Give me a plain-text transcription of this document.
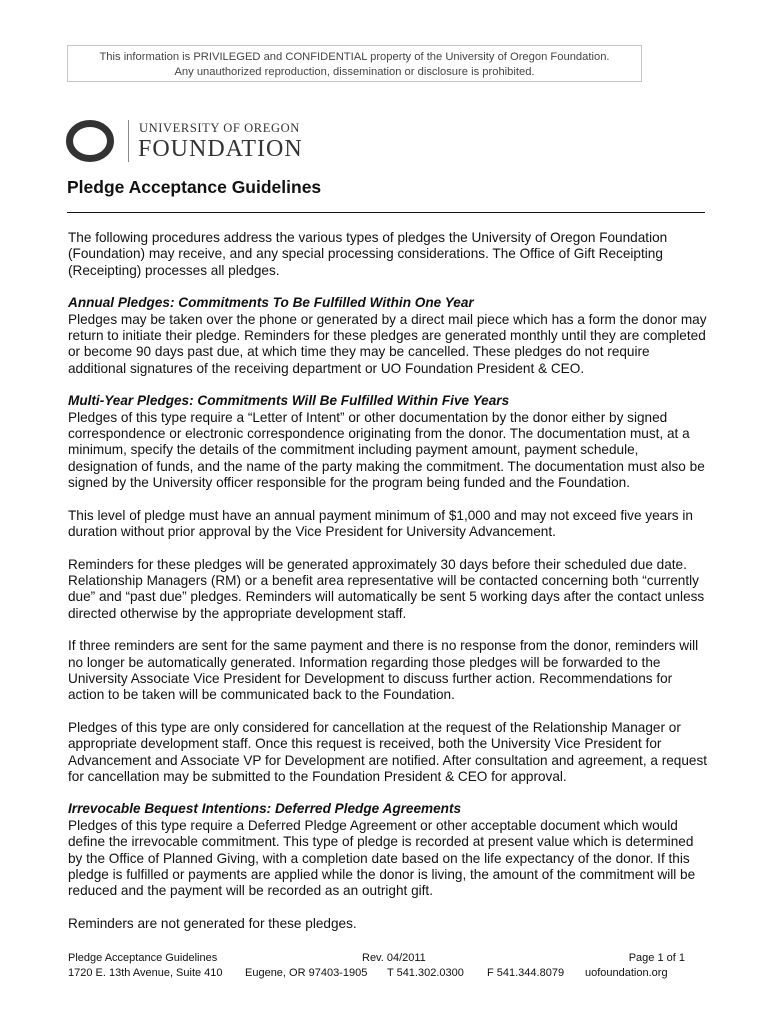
This information is PRIVILEGED and CONFIDENTIAL property of the University of Oregon Foundation.
Any unauthorized reproduction, dissemination or disclosure is prohibited.
UNIVERSITY OF OREGON
FOUNDATION
Pledge Acceptance Guidelines

The following procedures address the various types of pledges the University of Oregon Foundation (Foundation) may receive, and any special processing considerations. The Office of Gift Receipting (Receipting) processes all pledges.

Annual Pledges: Commitments To Be Fulfilled Within One Year

Pledges may be taken over the phone or generated by a direct mail piece which has a form the donor may return to initiate their pledge. Reminders for these pledges are generated monthly until they are completed or become 90 days past due, at which time they may be cancelled. These pledges do not require additional signatures of the receiving department or UO Foundation President & CEO.

Multi-Year Pledges: Commitments Will Be Fulfilled Within Five Years

Pledges of this type require a “Letter of Intent” or other documentation by the donor either by signed correspondence or electronic correspondence originating from the donor. The documentation must, at a minimum, specify the details of the commitment including payment amount, payment schedule, designation of funds, and the name of the party making the commitment. The documentation must also be signed by the University officer responsible for the program being funded and the Foundation.

This level of pledge must have an annual payment minimum of $1,000 and may not exceed five years in duration without prior approval by the Vice President for University Advancement.

Reminders for these pledges will be generated approximately 30 days before their scheduled due date. Relationship Managers (RM) or a benefit area representative will be contacted concerning both “currently due” and “past due” pledges. Reminders will automatically be sent 5 working days after the contact unless directed otherwise by the appropriate development staff.

If three reminders are sent for the same payment and there is no response from the donor, reminders will no longer be automatically generated. Information regarding those pledges will be forwarded to the University Associate Vice President for Development to discuss further action. Recommendations for action to be taken will be communicated back to the Foundation.

Pledges of this type are only considered for cancellation at the request of the Relationship Manager or appropriate development staff. Once this request is received, both the University Vice President for Advancement and Associate VP for Development are notified. After consultation and agreement, a request for cancellation may be submitted to the Foundation President & CEO for approval.

Irrevocable Bequest Intentions: Deferred Pledge Agreements

Pledges of this type require a Deferred Pledge Agreement or other acceptable document which would define the irrevocable commitment. This type of pledge is recorded at present value which is determined by the Office of Planned Giving, with a completion date based on the life expectancy of the donor. If this pledge is fulfilled or payments are applied while the donor is living, the amount of the commitment will be reduced and the payment will be recorded as an outright gift.

Reminders are not generated for these pledges.

Pledge Acceptance Guidelines	Rev. 04/2011	Page 1 of 1
1720 E. 13th Avenue, Suite 410 Eugene, OR 97403-1905 T 541.302.0300 F 541.344.8079 uofoundation.org
